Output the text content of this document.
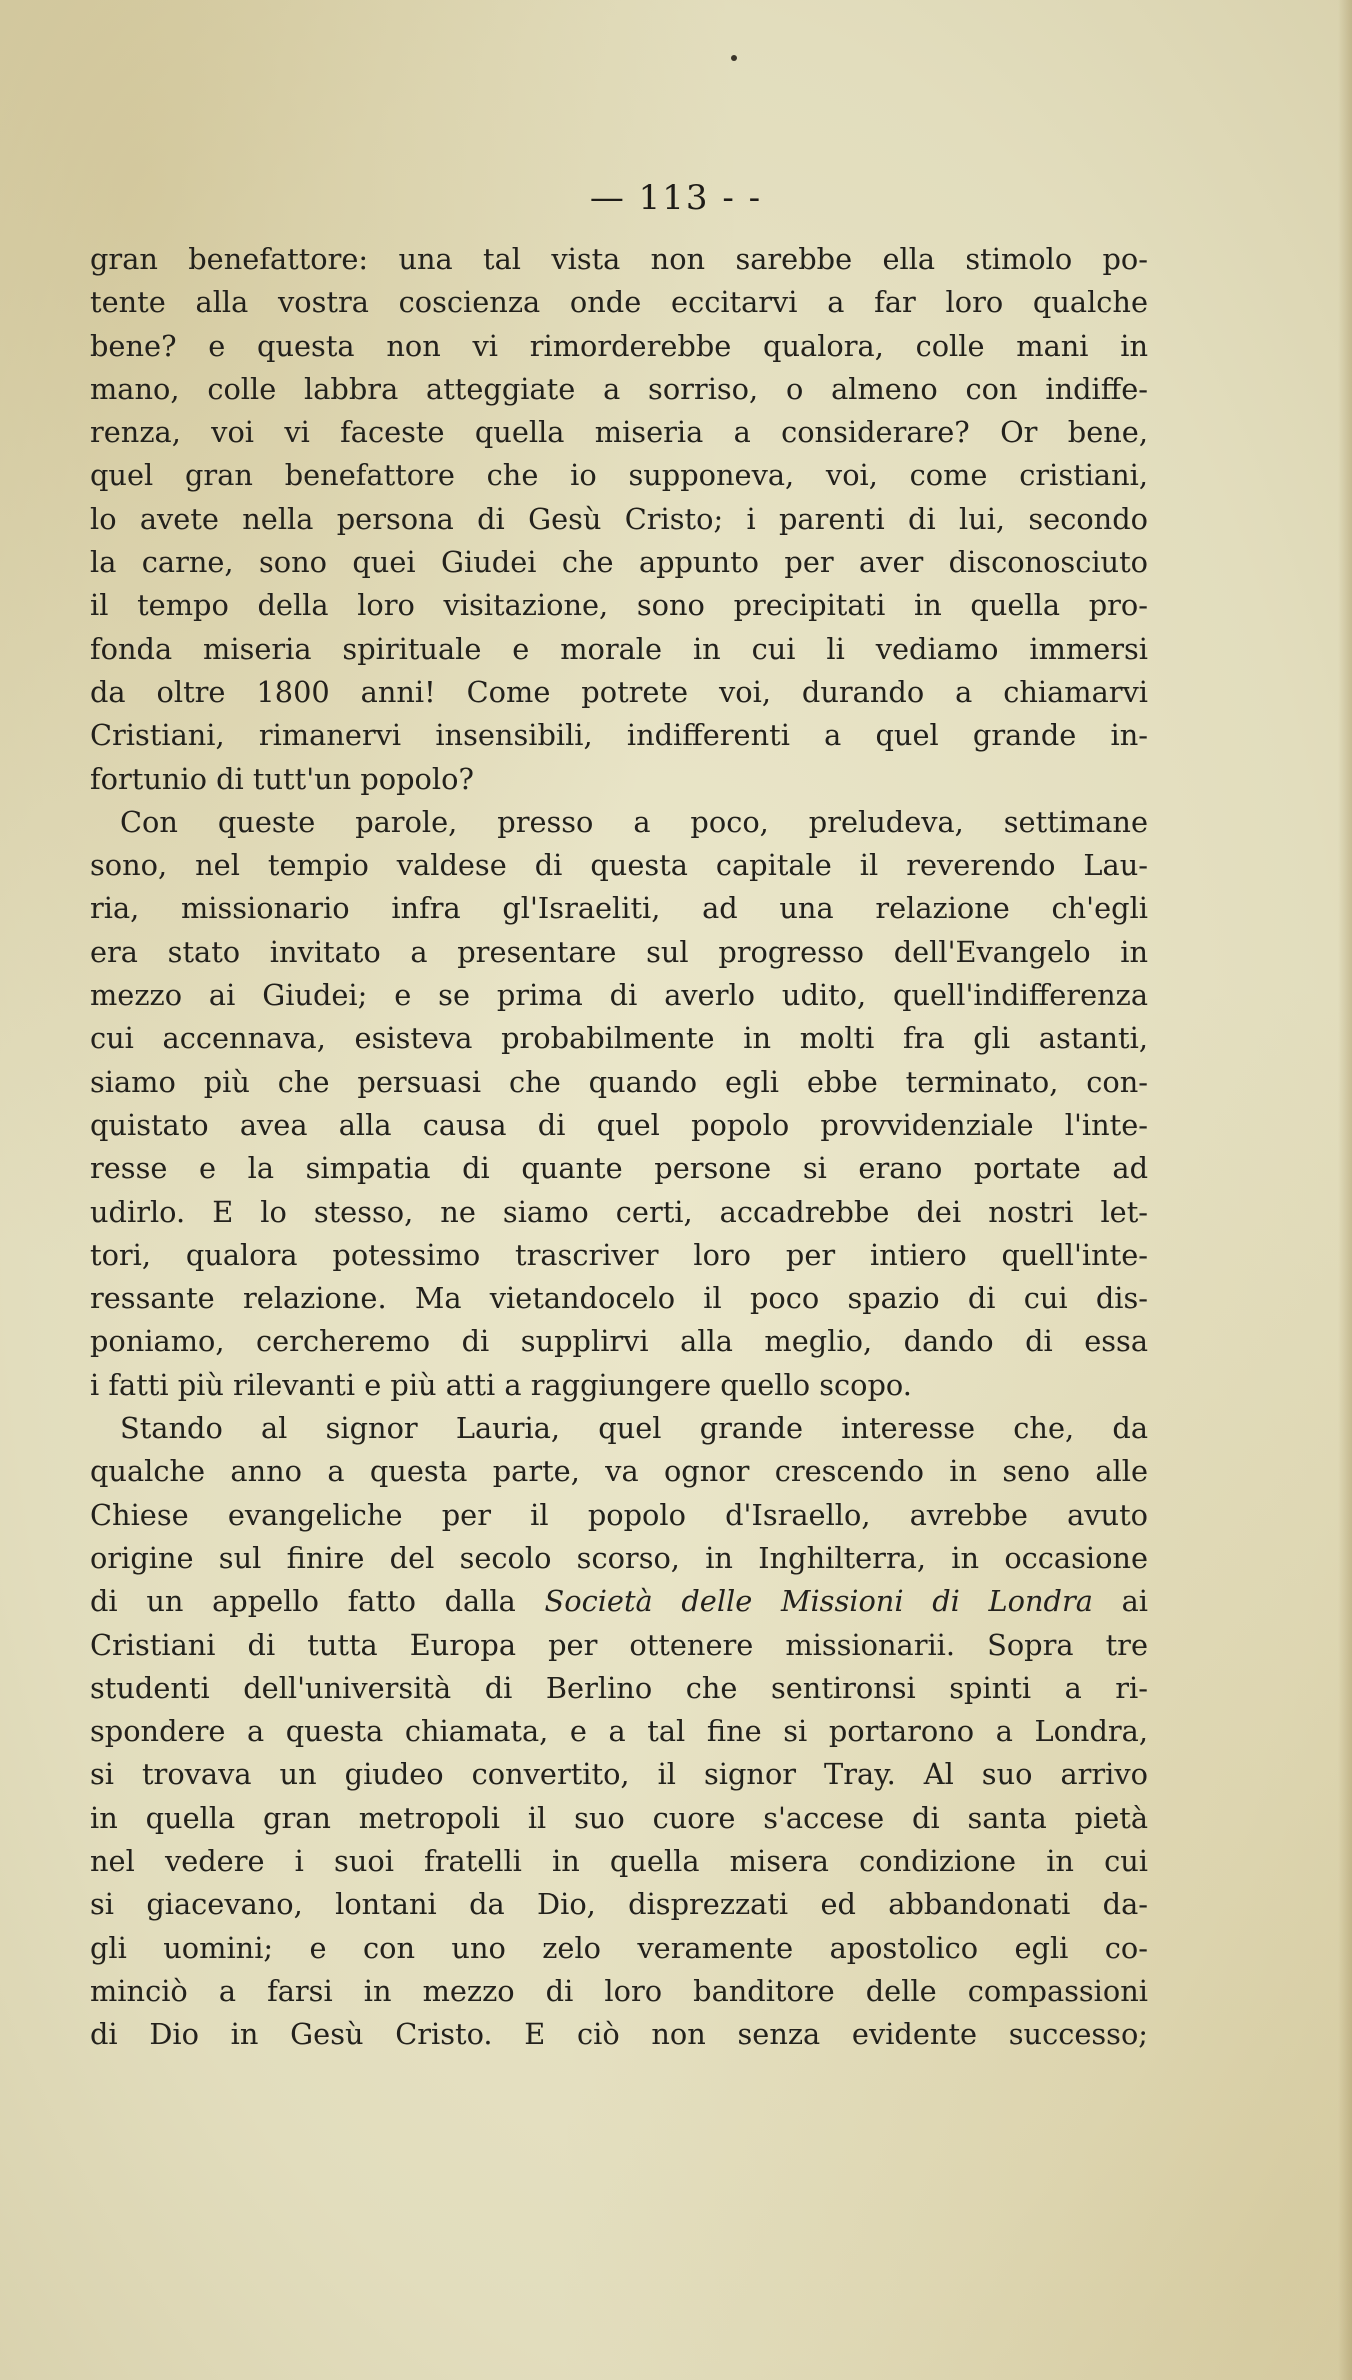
— 113 - -
gran benefattore: una tal vista non sarebbe ella stimolo po-
tente alla vostra coscienza onde eccitarvi a far loro qualche
bene? e questa non vi rimorderebbe qualora, colle mani in
mano, colle labbra atteggiate a sorriso, o almeno con indiffe-
renza, voi vi faceste quella miseria a considerare? Or bene,
quel gran benefattore che io supponeva, voi, come cristiani,
lo avete nella persona di Gesù Cristo; i parenti di lui, secondo
la carne, sono quei Giudei che appunto per aver disconosciuto
il tempo della loro visitazione, sono precipitati in quella pro-
fonda miseria spirituale e morale in cui li vediamo immersi
da oltre 1800 anni! Come potrete voi, durando a chiamarvi
Cristiani, rimanervi insensibili, indifferenti a quel grande in-
fortunio di tutt'un popolo?
Con queste parole, presso a poco, preludeva, settimane
sono, nel tempio valdese di questa capitale il reverendo Lau-
ria, missionario infra gl'Israeliti, ad una relazione ch'egli
era stato invitato a presentare sul progresso dell'Evangelo in
mezzo ai Giudei; e se prima di averlo udito, quell'indifferenza
cui accennava, esisteva probabilmente in molti fra gli astanti,
siamo più che persuasi che quando egli ebbe terminato, con-
quistato avea alla causa di quel popolo provvidenziale l'inte-
resse e la simpatia di quante persone si erano portate ad
udirlo. E lo stesso, ne siamo certi, accadrebbe dei nostri let-
tori, qualora potessimo trascriver loro per intiero quell'inte-
ressante relazione. Ma vietandocelo il poco spazio di cui dis-
poniamo, cercheremo di supplirvi alla meglio, dando di essa
i fatti più rilevanti e più atti a raggiungere quello scopo.
Stando al signor Lauria, quel grande interesse che, da
qualche anno a questa parte, va ognor crescendo in seno alle
Chiese evangeliche per il popolo d'Israello, avrebbe avuto
origine sul finire del secolo scorso, in Inghilterra, in occasione
di un appello fatto dalla Società delle Missioni di Londra ai
Cristiani di tutta Europa per ottenere missionarii. Sopra tre
studenti dell'università di Berlino che sentironsi spinti a ri-
spondere a questa chiamata, e a tal fine si portarono a Londra,
si trovava un giudeo convertito, il signor Tray. Al suo arrivo
in quella gran metropoli il suo cuore s'accese di santa pietà
nel vedere i suoi fratelli in quella misera condizione in cui
si giacevano, lontani da Dio, disprezzati ed abbandonati da-
gli uomini; e con uno zelo veramente apostolico egli co-
minciò a farsi in mezzo di loro banditore delle compassioni
di Dio in Gesù Cristo. E ciò non senza evidente successo;
